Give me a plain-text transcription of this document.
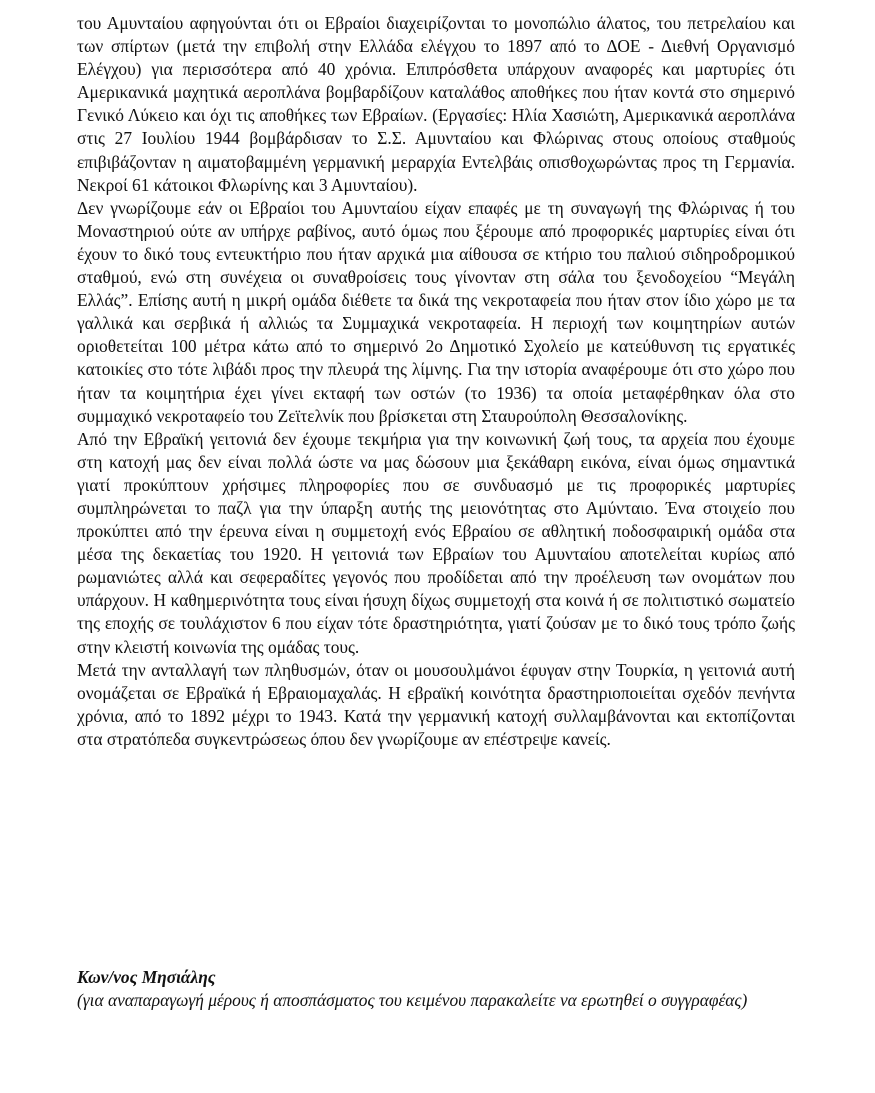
του Αμυνταίου αφηγούνται ότι οι Εβραίοι διαχειρίζονται το μονοπώλιο άλατος, του πετρελαίου και των σπίρτων (μετά την επιβολή στην Ελλάδα ελέγχου το 1897 από το ΔΟΕ - Διεθνή Οργανισμό Ελέγχου) για περισσότερα από 40 χρόνια. Επιπρόσθετα υπάρχουν αναφορές και μαρτυρίες ότι Αμερικανικά μαχητικά αεροπλάνα βομβαρδίζουν καταλάθος αποθήκες που ήταν κοντά στο σημερινό Γενικό Λύκειο και όχι τις αποθήκες των Εβραίων. (Εργασίες: Ηλία Χασιώτη, Αμερικανικά αεροπλάνα στις 27 Ιουλίου 1944 βομβάρδισαν το Σ.Σ. Αμυνταίου και Φλώρινας στους οποίους σταθμούς επιβιβάζονταν η αιματοβαμμένη γερμανική μεραρχία Εντελβάις οπισθοχωρώντας προς τη Γερμανία. Νεκροί 61 κάτοικοι Φλωρίνης και 3 Αμυνταίου).

Δεν γνωρίζουμε εάν οι Εβραίοι του Αμυνταίου είχαν επαφές με τη συναγωγή της Φλώρινας ή του Μοναστηριού ούτε αν υπήρχε ραβίνος, αυτό όμως που ξέρουμε από προφορικές μαρτυρίες είναι ότι έχουν το δικό τους εντευκτήριο που ήταν αρχικά μια αίθουσα σε κτήριο του παλιού σιδηροδρομικού σταθμού, ενώ στη συνέχεια οι συναθροίσεις τους γίνονταν στη σάλα του ξενοδοχείου “Μεγάλη Ελλάς”. Επίσης αυτή η μικρή ομάδα διέθετε τα δικά της νεκροταφεία που ήταν στον ίδιο χώρο με τα γαλλικά και σερβικά ή αλλιώς τα Συμμαχικά νεκροταφεία. Η περιοχή των κοιμητηρίων αυτών οριοθετείται 100 μέτρα κάτω από το σημερινό 2ο Δημοτικό Σχολείο με κατεύθυνση τις εργατικές κατοικίες στο τότε λιβάδι προς την πλευρά της λίμνης. Για την ιστορία αναφέρουμε ότι στο χώρο που ήταν τα κοιμητήρια έχει γίνει εκταφή των οστών (το 1936) τα οποία μεταφέρθηκαν όλα στο συμμαχικό νεκροταφείο του Ζεϊτελνίκ που βρίσκεται στη Σταυρούπολη Θεσσαλονίκης.

Από την Εβραϊκή γειτονιά δεν έχουμε τεκμήρια για την κοινωνική ζωή τους, τα αρχεία που έχουμε στη κατοχή μας δεν είναι πολλά ώστε να μας δώσουν μια ξεκάθαρη εικόνα, είναι όμως σημαντικά γιατί προκύπτουν χρήσιμες πληροφορίες που σε συνδυασμό με τις προφορικές μαρτυρίες συμπληρώνεται το παζλ για την ύπαρξη αυτής της μειονότητας στο Αμύνταιο. Ένα στοιχείο που προκύπτει από την έρευνα είναι η συμμετοχή ενός Εβραίου σε αθλητική ποδοσφαιρική ομάδα στα μέσα της δεκαετίας του 1920. Η γειτονιά των Εβραίων του Αμυνταίου αποτελείται κυρίως από ρωμανιώτες αλλά και σεφεραδίτες γεγονός που προδίδεται από την προέλευση των ονομάτων που υπάρχουν. Η καθημερινότητα τους είναι ήσυχη δίχως συμμετοχή στα κοινά ή σε πολιτιστικό σωματείο της εποχής σε τουλάχιστον 6 που είχαν τότε δραστηριότητα, γιατί ζούσαν με το δικό τους τρόπο ζωής στην κλειστή κοινωνία της ομάδας τους.

Μετά την ανταλλαγή των πληθυσμών, όταν οι μουσουλμάνοι έφυγαν στην Τουρκία, η γειτονιά αυτή ονομάζεται σε Εβραϊκά ή Εβραιομαχαλάς. Η εβραϊκή κοινότητα δραστηριοποιείται σχεδόν πενήντα χρόνια, από το 1892 μέχρι το 1943. Κατά την γερμανική κατοχή συλλαμβάνονται και εκτοπίζονται στα στρατόπεδα συγκεντρώσεως όπου δεν γνωρίζουμε αν επέστρεψε κανείς.

Κων/νος Μησιάλης

(για αναπαραγωγή μέρους ή αποσπάσματος του κειμένου παρακαλείτε να ερωτηθεί ο συγγραφέας)
